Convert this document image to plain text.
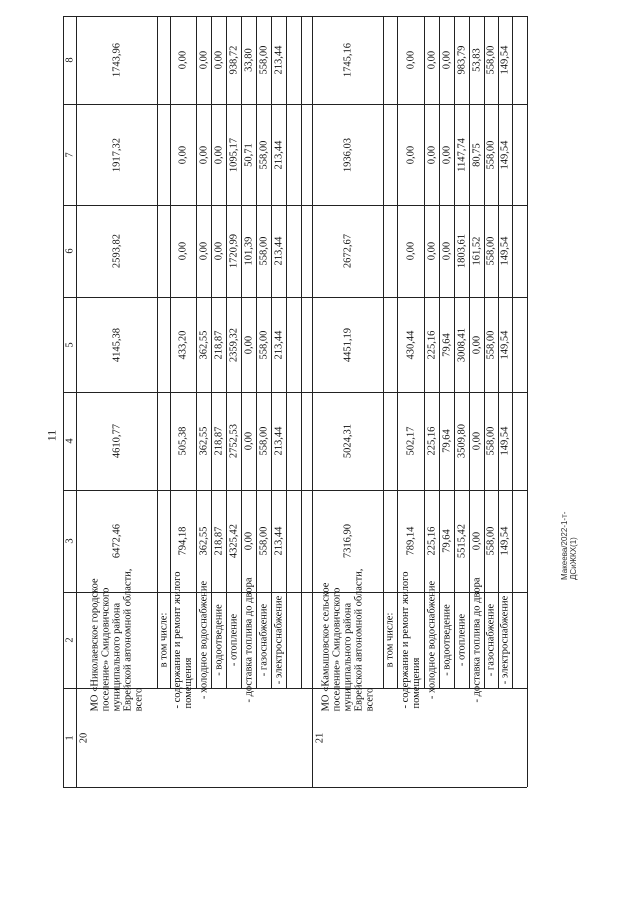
11
Макеева/2022-1-т-ДСиЖКХ(1)
1
2
3
4
5
6
7
8
20
МО «Николаевское городское поселение» Смидовичского муниципального района Еврейской автономной области, всего
6472,46
4610,77
4145,38
2593,82
1917,32
1743,96
в том числе: - содержание и ремонт жилого помещения
794,18
505,38
433,20
0,00
0,00
0,00
- холодное водоснабжение
362,55
362,55
362,55
0,00
0,00
0,00
- водоотведение
218,87
218,87
218,87
0,00
0,00
0,00
- отопление
4325,42
2752,53
2359,32
1720,99
1095,17
938,72
- доставка топлива до двора
0,00
0,00
0,00
101,39
50,71
33,80
- газоснабжение
558,00
558,00
558,00
558,00
558,00
558,00
- электроснабжение
213,44
213,44
213,44
213,44
213,44
213,44
21
МО «Камышовское сельское поселение» Смидовичского муниципального района Еврейской автономной области, всего
7316,90
5024,31
4451,19
2672,67
1936,03
1745,16
в том числе: - содержание и ремонт жилого помещения
789,14
502,17
430,44
0,00
0,00
0,00
- холодное водоснабжение
225,16
225,16
225,16
0,00
0,00
0,00
- водоотведение
79,64
79,64
79,64
0,00
0,00
0,00
- отопление
5515,42
3509,80
3008,41
1803,61
1147,74
983,79
- доставка топлива до двора
0,00
0,00
0,00
161,52
80,75
53,83
- газоснабжение
558,00
558,00
558,00
558,00
558,00
558,00
- электроснабжение
149,54
149,54
149,54
149,54
149,54
149,54
